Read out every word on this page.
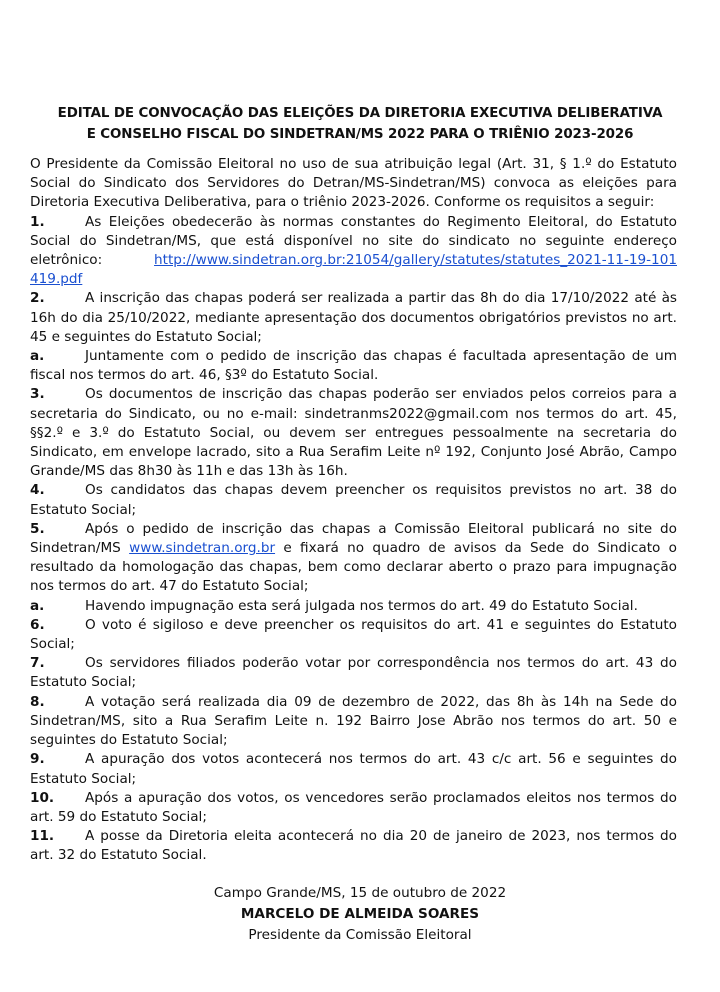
EDITAL DE CONVOCAÇÃO DAS ELEIÇÕES DA DIRETORIA EXECUTIVA DELIBERATIVA
E CONSELHO FISCAL DO SINDETRAN/MS 2022 PARA O TRIÊNIO 2023-2026

O Presidente da Comissão Eleitoral no uso de sua atribuição legal (Art. 31, § 1.º do Estatuto Social do Sindicato dos Servidores do Detran/MS-Sindetran/MS) convoca as eleições para Diretoria Executiva Deliberativa, para o triênio 2023-2026. Conforme os requisitos a seguir:

1.	As Eleições obedecerão às normas constantes do Regimento Eleitoral, do Estatuto Social do Sindetran/MS, que está disponível no site do sindicato no seguinte endereço eletrônico:	http://www.sindetran.org.br:21054/gallery/statutes/statutes_2021-11-19-101419.pdf

2.	A inscrição das chapas poderá ser realizada a partir das 8h do dia 17/10/2022 até às 16h do dia 25/10/2022, mediante apresentação dos documentos obrigatórios previstos no art. 45 e seguintes do Estatuto Social;

a.	Juntamente com o pedido de inscrição das chapas é facultada apresentação de um fiscal nos termos do art. 46, §3º do Estatuto Social.

3.	Os documentos de inscrição das chapas poderão ser enviados pelos correios para a secretaria do Sindicato, ou no e-mail: sindetranms2022@gmail.com nos termos do art. 45, §§2.º e 3.º do Estatuto Social, ou devem ser entregues pessoalmente na secretaria do Sindicato, em envelope lacrado, sito a Rua Serafim Leite nº 192, Conjunto José Abrão, Campo Grande/MS das 8h30 às 11h e das 13h às 16h.

4.	Os candidatos das chapas devem preencher os requisitos previstos no art. 38 do Estatuto Social;

5.	Após o pedido de inscrição das chapas a Comissão Eleitoral publicará no site do Sindetran/MS www.sindetran.org.br e fixará no quadro de avisos da Sede do Sindicato o resultado da homologação das chapas, bem como declarar aberto o prazo para impugnação nos termos do art. 47 do Estatuto Social;

a.	Havendo impugnação esta será julgada nos termos do art. 49 do Estatuto Social.

6.	O voto é sigiloso e deve preencher os requisitos do art. 41 e seguintes do Estatuto Social;

7.	Os servidores filiados poderão votar por correspondência nos termos do art. 43 do Estatuto Social;

8.	A votação será realizada dia 09 de dezembro de 2022, das 8h às 14h na Sede do Sindetran/MS, sito a Rua Serafim Leite n. 192 Bairro Jose Abrão nos termos do art. 50 e seguintes do Estatuto Social;

9.	A apuração dos votos acontecerá nos termos do art. 43 c/c art. 56 e seguintes do Estatuto Social;

10. Após a apuração dos votos, os vencedores serão proclamados eleitos nos termos do art. 59 do Estatuto Social;

11. A posse da Diretoria eleita acontecerá no dia 20 de janeiro de 2023, nos termos do art. 32 do Estatuto Social.

Campo Grande/MS, 15 de outubro de 2022
MARCELO DE ALMEIDA SOARES
Presidente da Comissão Eleitoral
